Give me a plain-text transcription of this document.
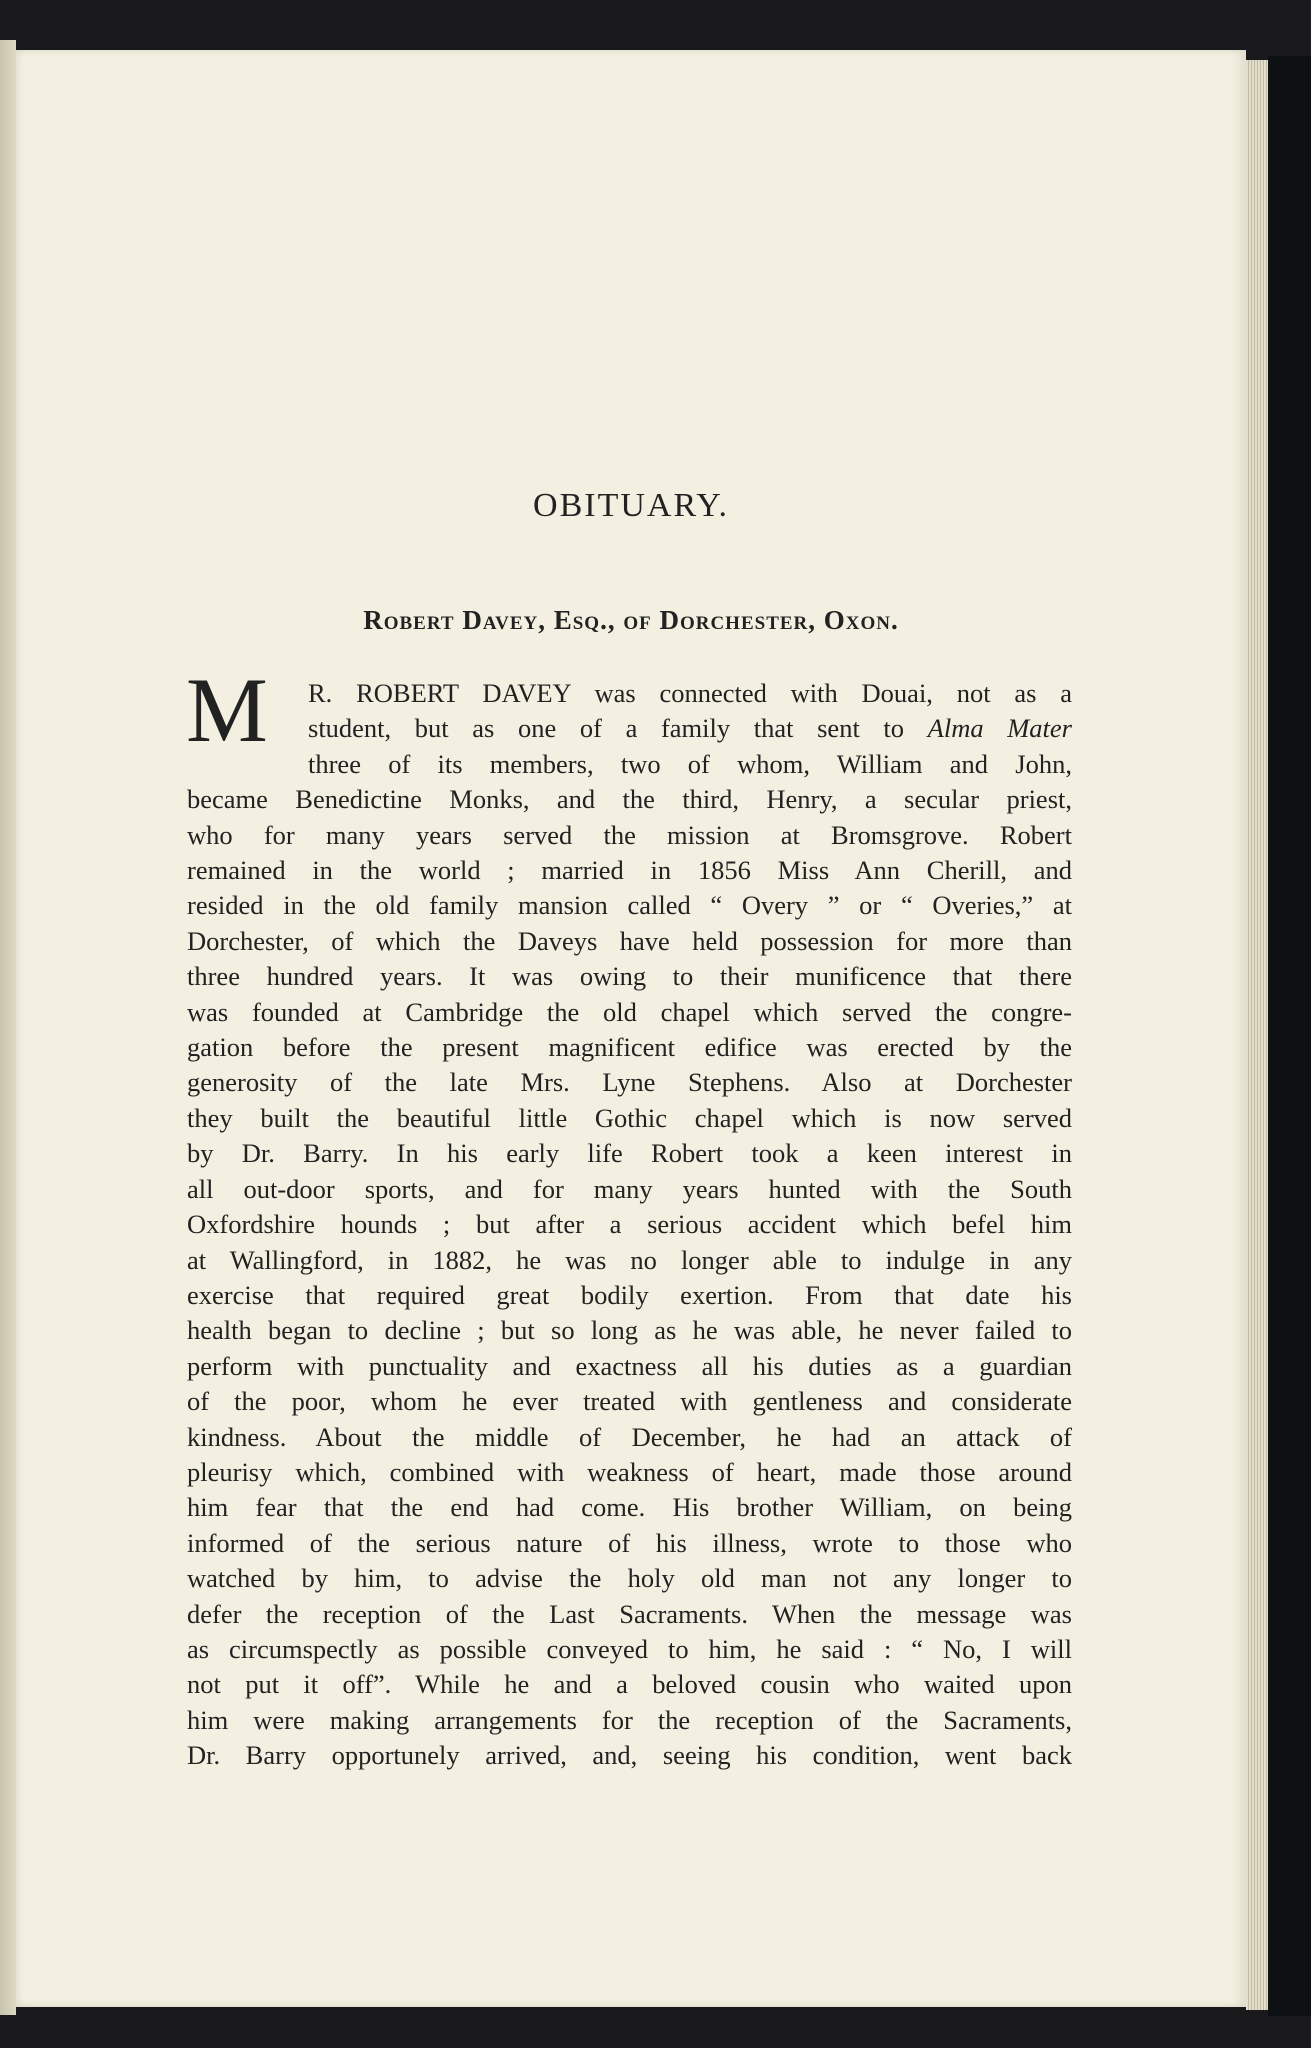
OBITUARY.
Robert Davey, Esq., of Dorchester, Oxon.
M	R. ROBERT DAVEY was connected with Douai, not as a
student, but as one of a family that sent to Alma Mater
three of its members, two of whom, William and John,
became Benedictine Monks, and the third, Henry, a secular priest,
who for many years served the mission at Bromsgrove. Robert
remained in the world ; married in 1856 Miss Ann Cherill, and
resided in the old family mansion called “ Overy ” or “ Overies,” at
Dorchester, of which the Daveys have held possession for more than
three hundred years. It was owing to their munificence that there
was founded at Cambridge the old chapel which served the congre-
gation before the present magnificent edifice was erected by the
generosity of the late Mrs. Lyne Stephens. Also at Dorchester
they built the beautiful little Gothic chapel which is now served
by Dr. Barry. In his early life Robert took a keen interest in
all out-door sports, and for many years hunted with the South
Oxfordshire hounds ; but after a serious accident which befel him
at Wallingford, in 1882, he was no longer able to indulge in any
exercise that required great bodily exertion. From that date his
health began to decline ; but so long as he was able, he never failed to
perform with punctuality and exactness all his duties as a guardian
of the poor, whom he ever treated with gentleness and considerate
kindness. About the middle of December, he had an attack of
pleurisy which, combined with weakness of heart, made those around
him fear that the end had come. His brother William, on being
informed of the serious nature of his illness, wrote to those who
watched by him, to advise the holy old man not any longer to
defer the reception of the Last Sacraments. When the message was
as circumspectly as possible conveyed to him, he said : “ No, I will
not put it off”. While he and a beloved cousin who waited upon
him were making arrangements for the reception of the Sacraments,
Dr. Barry opportunely arrived, and, seeing his condition, went back
